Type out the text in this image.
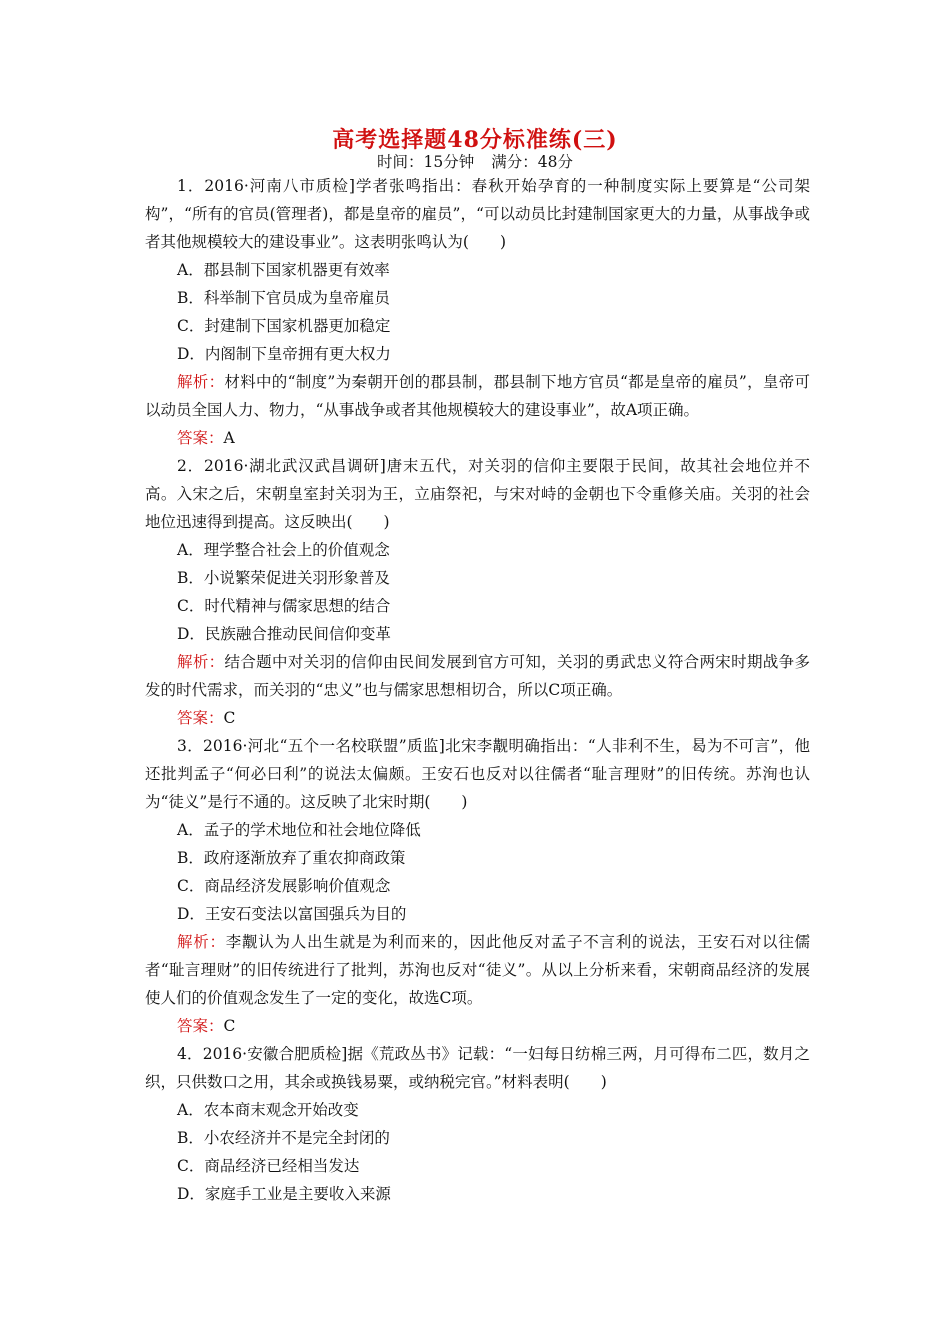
高考选择题48分标准练(三)
时间：15分钟 满分：48分

1．2016·河南八市质检]学者张鸣指出：春秋开始孕育的一种制度实际上要算是“公司架构”，“所有的官员(管理者)，都是皇帝的雇员”，“可以动员比封建制国家更大的力量，从事战争或者其他规模较大的建设事业”。这表明张鸣认为(　　)

A．郡县制下国家机器更有效率

B．科举制下官员成为皇帝雇员

C．封建制下国家机器更加稳定

D．内阁制下皇帝拥有更大权力

解析：材料中的“制度”为秦朝开创的郡县制，郡县制下地方官员“都是皇帝的雇员”，皇帝可以动员全国人力、物力，“从事战争或者其他规模较大的建设事业”，故A项正确。

答案：A

2．2016·湖北武汉武昌调研]唐末五代，对关羽的信仰主要限于民间，故其社会地位并不高。入宋之后，宋朝皇室封关羽为王，立庙祭祀，与宋对峙的金朝也下令重修关庙。关羽的社会地位迅速得到提高。这反映出(　　)

A．理学整合社会上的价值观念

B．小说繁荣促进关羽形象普及

C．时代精神与儒家思想的结合

D．民族融合推动民间信仰变革

解析：结合题中对关羽的信仰由民间发展到官方可知，关羽的勇武忠义符合两宋时期战争多发的时代需求，而关羽的“忠义”也与儒家思想相切合，所以C项正确。

答案：C

3．2016·河北“五个一名校联盟”质监]北宋李觏明确指出：“人非利不生，曷为不可言”，他还批判孟子“何必曰利”的说法太偏颇。王安石也反对以往儒者“耻言理财”的旧传统。苏洵也认为“徒义”是行不通的。这反映了北宋时期(　　)

A．孟子的学术地位和社会地位降低

B．政府逐渐放弃了重农抑商政策

C．商品经济发展影响价值观念

D．王安石变法以富国强兵为目的

解析：李觏认为人出生就是为利而来的，因此他反对孟子不言利的说法，王安石对以往儒者“耻言理财”的旧传统进行了批判，苏洵也反对“徒义”。从以上分析来看，宋朝商品经济的发展使人们的价值观念发生了一定的变化，故选C项。

答案：C

4．2016·安徽合肥质检]据《荒政丛书》记载：“一妇每日纺棉三两，月可得布二匹，数月之织，只供数口之用，其余或换钱易粟，或纳税完官。”材料表明(　　)

A．农本商末观念开始改变

B．小农经济并不是完全封闭的

C．商品经济已经相当发达

D．家庭手工业是主要收入来源
